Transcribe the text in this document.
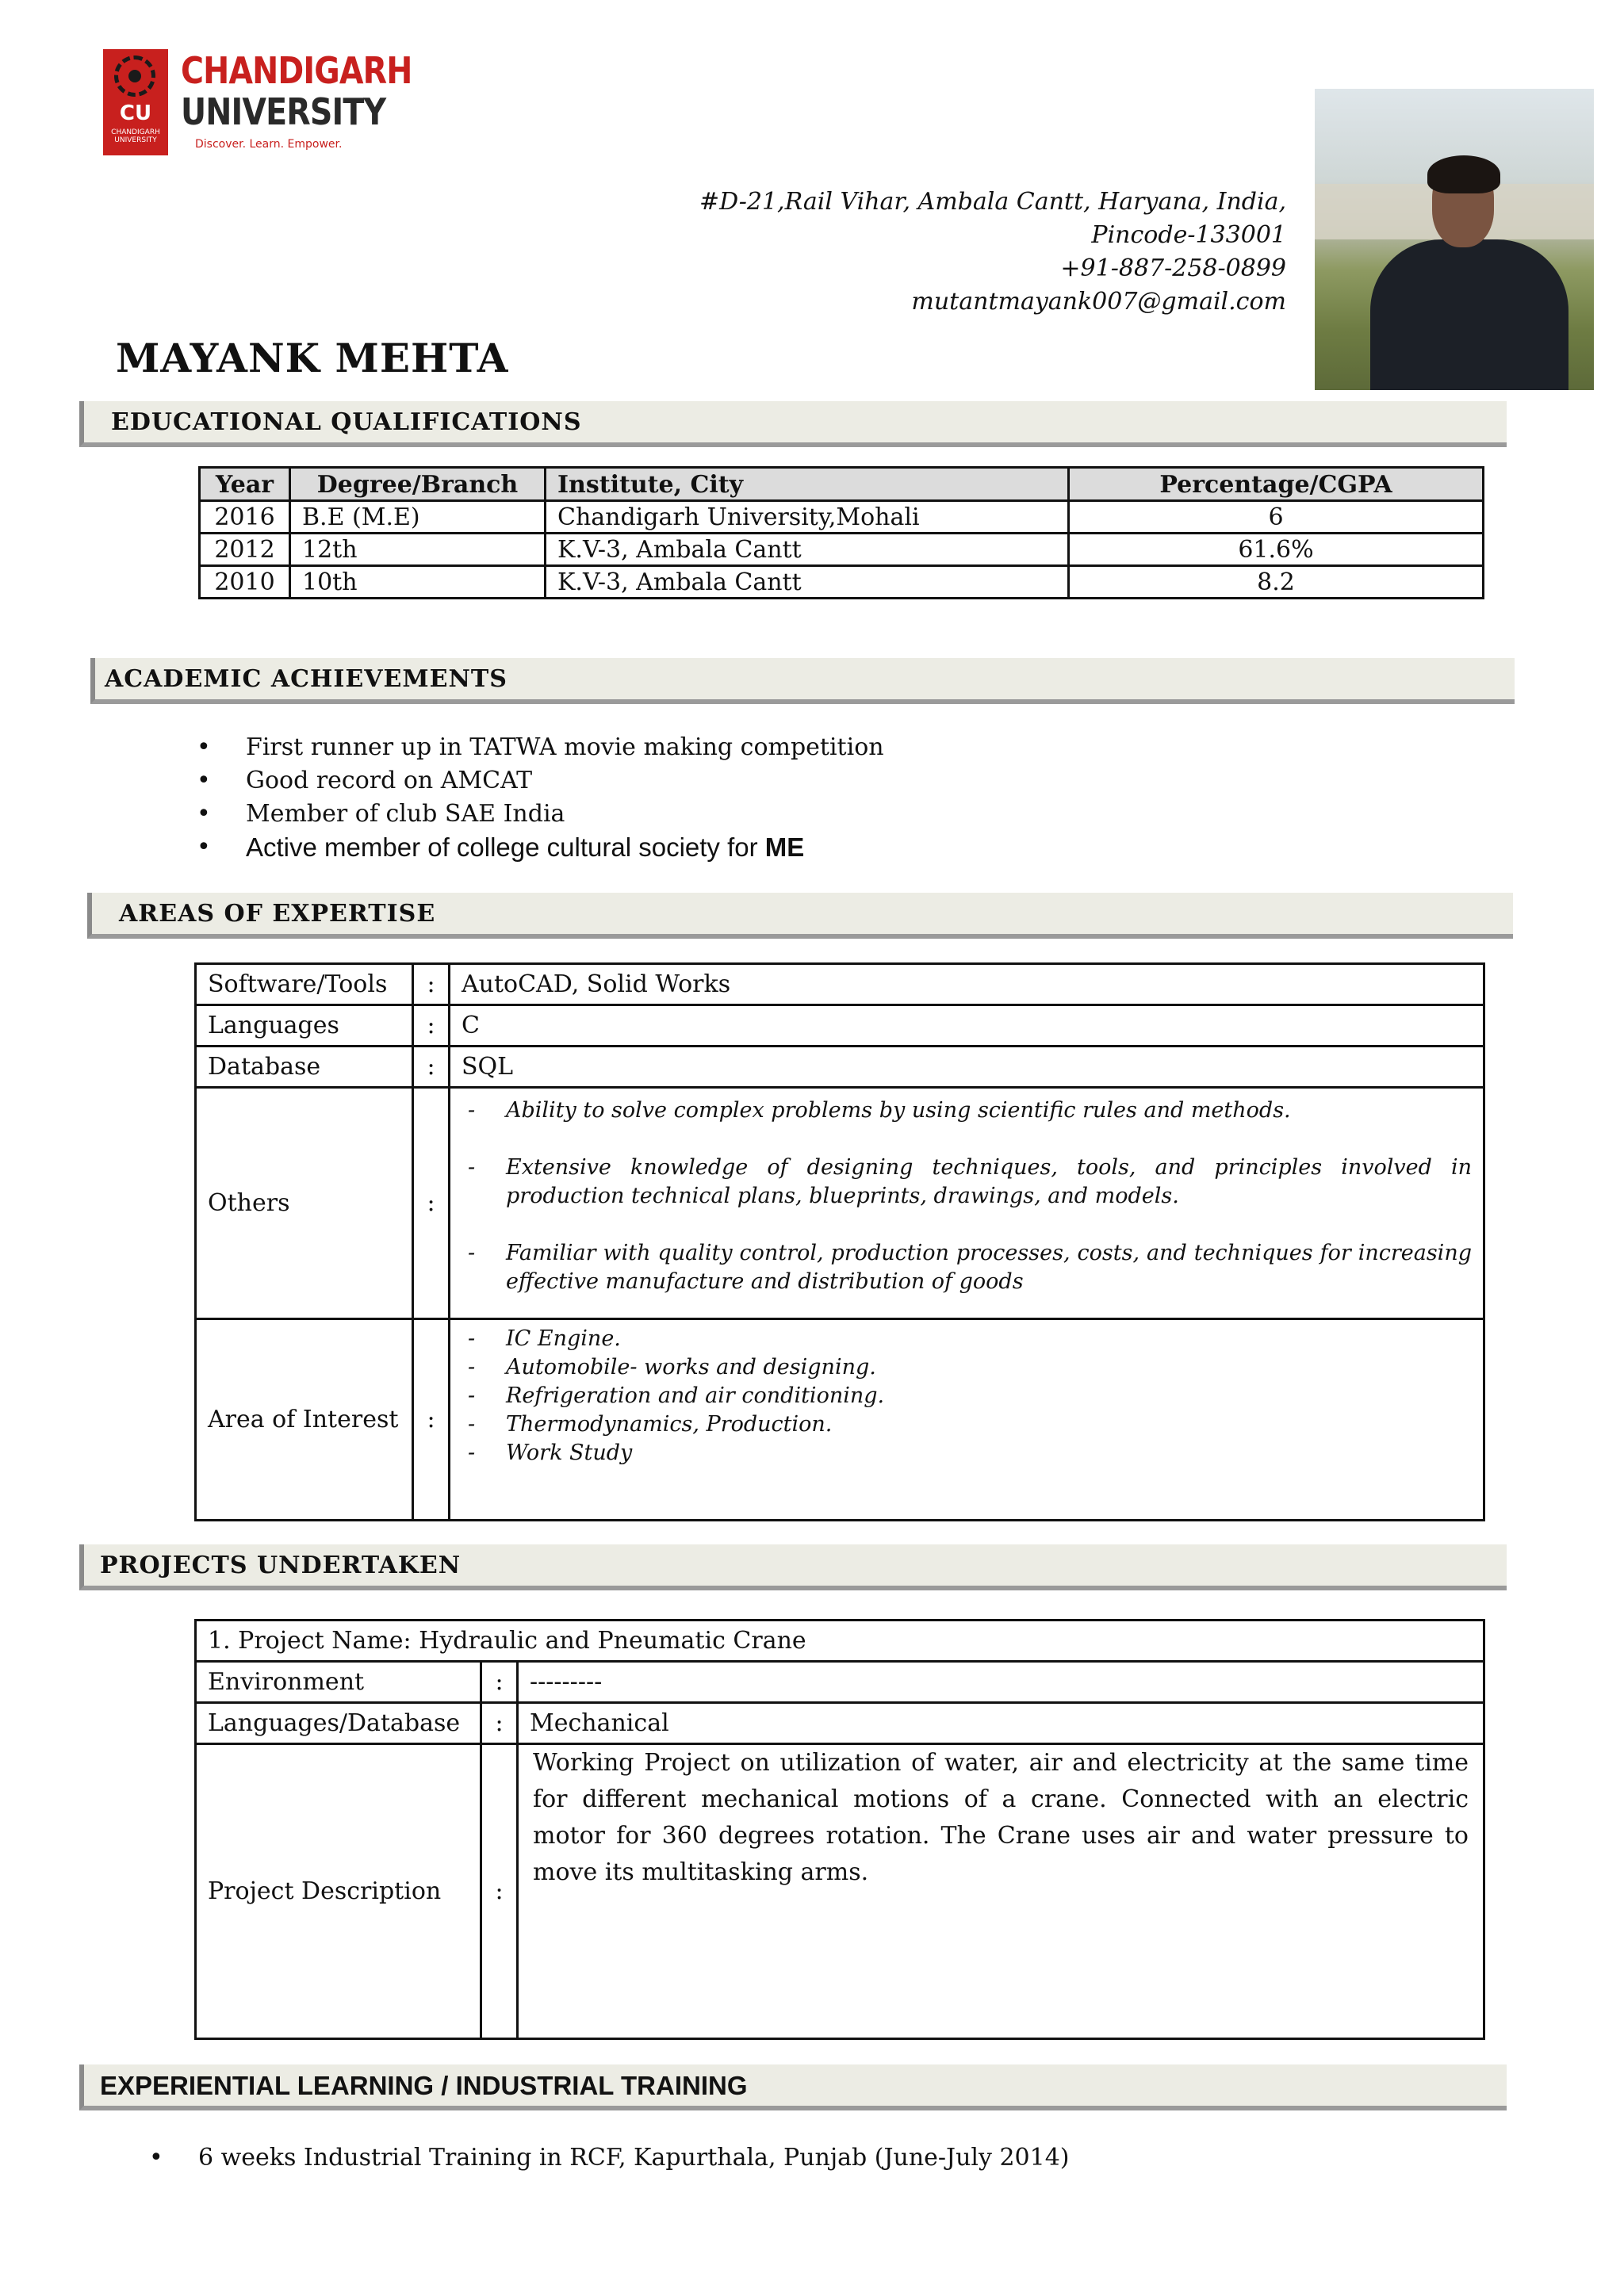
CU
CHANDIGARH UNIVERSITY
CHANDIGARH
UNIVERSITY
Discover. Learn. Empower.
#D-21,Rail Vihar, Ambala Cantt, Haryana, India,
Pincode-133001
+91-887-258-0899
mutantmayank007@gmail.com
MAYANK MEHTA
EDUCATIONAL QUALIFICATIONS
Year	Degree/Branch	Institute, City	Percentage/CGPA
2016	B.E (M.E)	Chandigarh University,Mohali	6
2012	12th	K.V-3, Ambala Cantt	61.6%
2010	10th	K.V-3, Ambala Cantt	8.2
ACADEMIC ACHIEVEMENTS
• First runner up in TATWA movie making competition
• Good record on AMCAT
• Member of club SAE India
• Active member of college cultural society for ME
AREAS OF EXPERTISE
Software/Tools	:	AutoCAD, Solid Works
Languages	:	C
Database	:	SQL
Others	:	- Ability to solve complex problems by using scientific rules and methods.
- Extensive knowledge of designing techniques, tools, and principles involved in production technical plans, blueprints, drawings, and models.
- Familiar with quality control, production processes, costs, and techniques for increasing effective manufacture and distribution of goods

Area of Interest	:	- IC Engine.
- Automobile- works and designing.
- Refrigeration and air conditioning.
- Thermodynamics, Production.
- Work Study
PROJECTS UNDERTAKEN
1. Project Name: Hydraulic and Pneumatic Crane		
Environment	:	---------
Languages/Database	:	Mechanical
Project Description	:	Working Project on utilization of water, air and electricity at the same time for different mechanical motions of a crane. Connected with an electric motor for 360 degrees rotation. The Crane uses air and water pressure to move its multitasking arms.
EXPERIENTIAL LEARNING / INDUSTRIAL TRAINING
• 6 weeks Industrial Training in RCF, Kapurthala, Punjab (June-July 2014)
